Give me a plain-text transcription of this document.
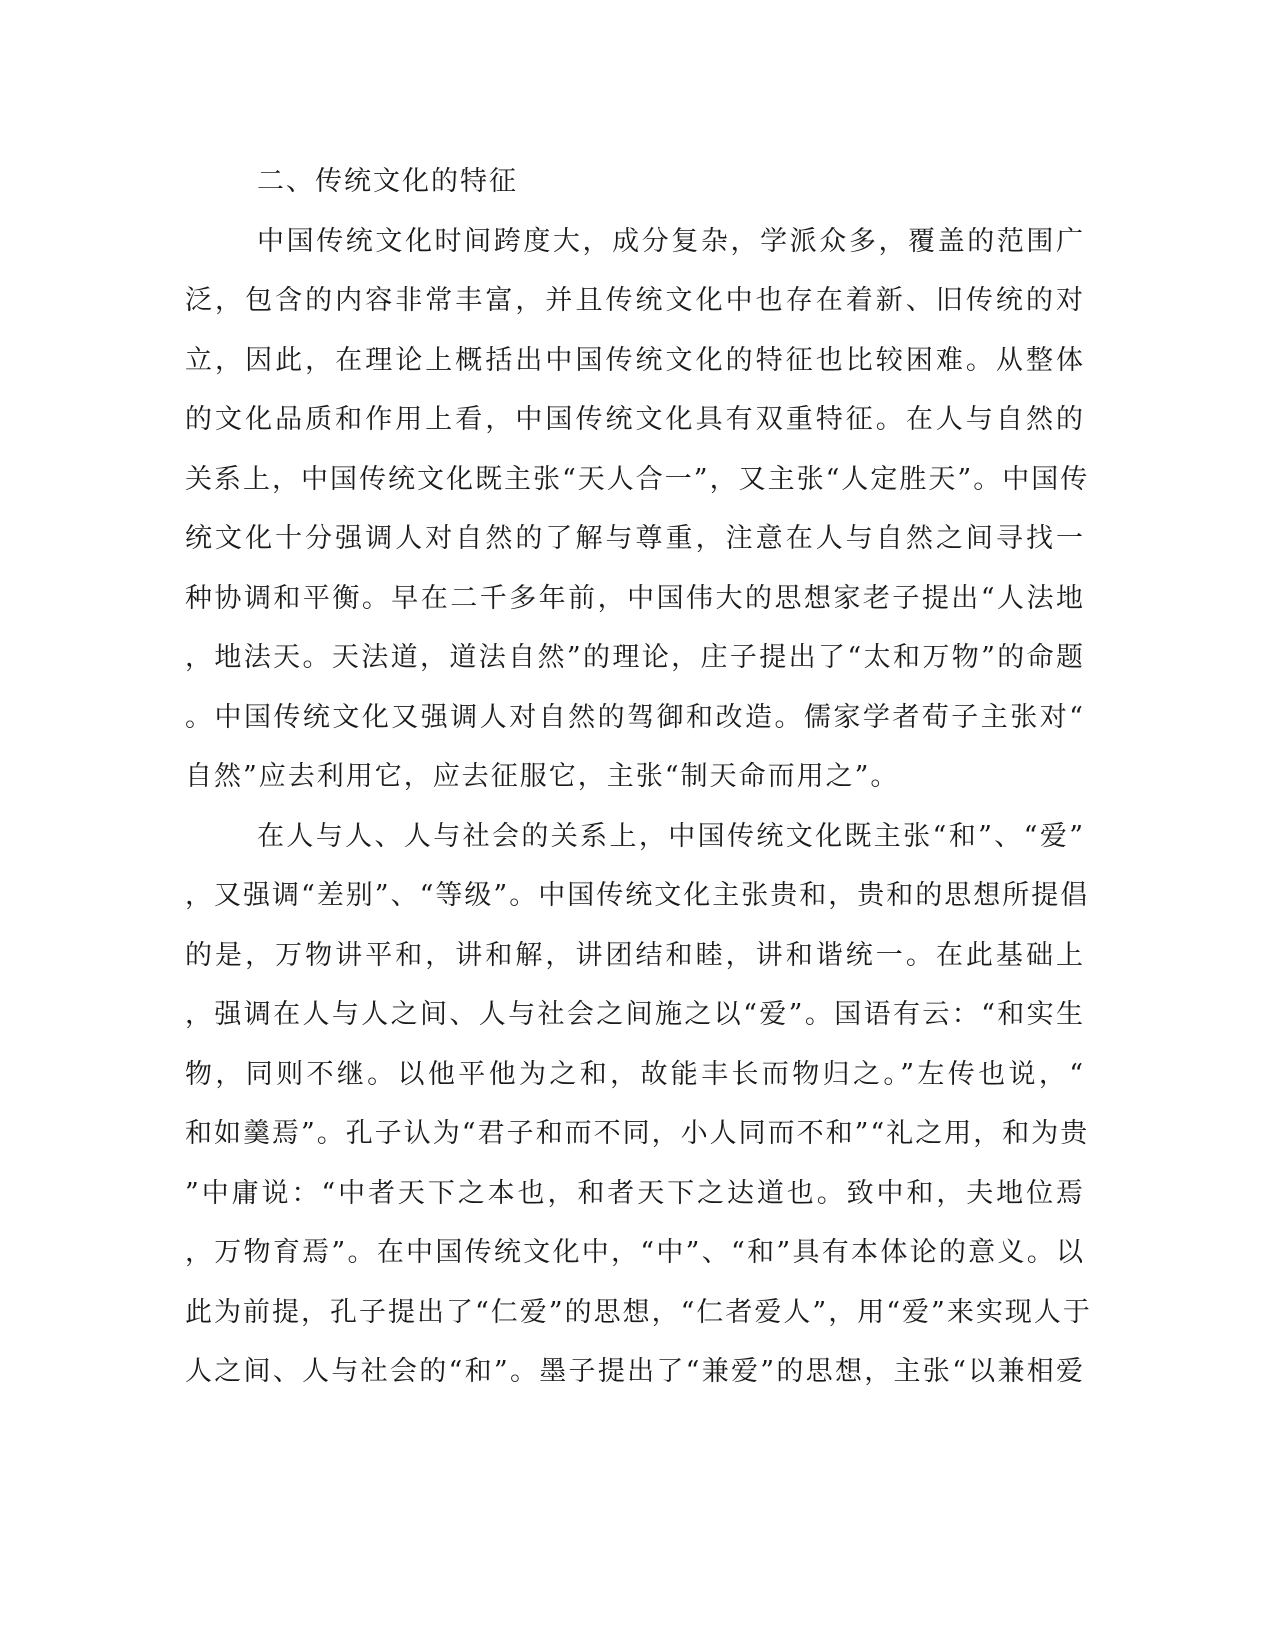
二、传统文化的特征
中国传统文化时间跨度大，成分复杂，学派众多，覆盖的范围广
泛，包含的内容非常丰富，并且传统文化中也存在着新、旧传统的对
立，因此，在理论上概括出中国传统文化的特征也比较困难。从整体
的文化品质和作用上看，中国传统文化具有双重特征。在人与自然的
关系上，中国传统文化既主张“天人合一”，又主张“人定胜天”。中国传
统文化十分强调人对自然的了解与尊重，注意在人与自然之间寻找一
种协调和平衡。早在二千多年前，中国伟大的思想家老子提出“人法地
，地法天。天法道，道法自然”的理论，庄子提出了“太和万物”的命题
。中国传统文化又强调人对自然的驾御和改造。儒家学者荀子主张对“
自然”应去利用它，应去征服它，主张“制天命而用之”。
在人与人、人与社会的关系上，中国传统文化既主张“和”、“爱”
，又强调“差别”、“等级”。中国传统文化主张贵和，贵和的思想所提倡
的是，万物讲平和，讲和解，讲团结和睦，讲和谐统一。在此基础上
，强调在人与人之间、人与社会之间施之以“爱”。国语有云：“和实生
物，同则不继。以他平他为之和，故能丰长而物归之。”左传也说，“
和如羹焉”。孔子认为“君子和而不同，小人同而不和”“礼之用，和为贵
”中庸说：“中者天下之本也，和者天下之达道也。致中和，夫地位焉
，万物育焉”。在中国传统文化中，“中”、“和”具有本体论的意义。以
此为前提，孔子提出了“仁爱”的思想，“仁者爱人”，用“爱”来实现人于
人之间、人与社会的“和”。墨子提出了“兼爱”的思想，主张“以兼相爱
